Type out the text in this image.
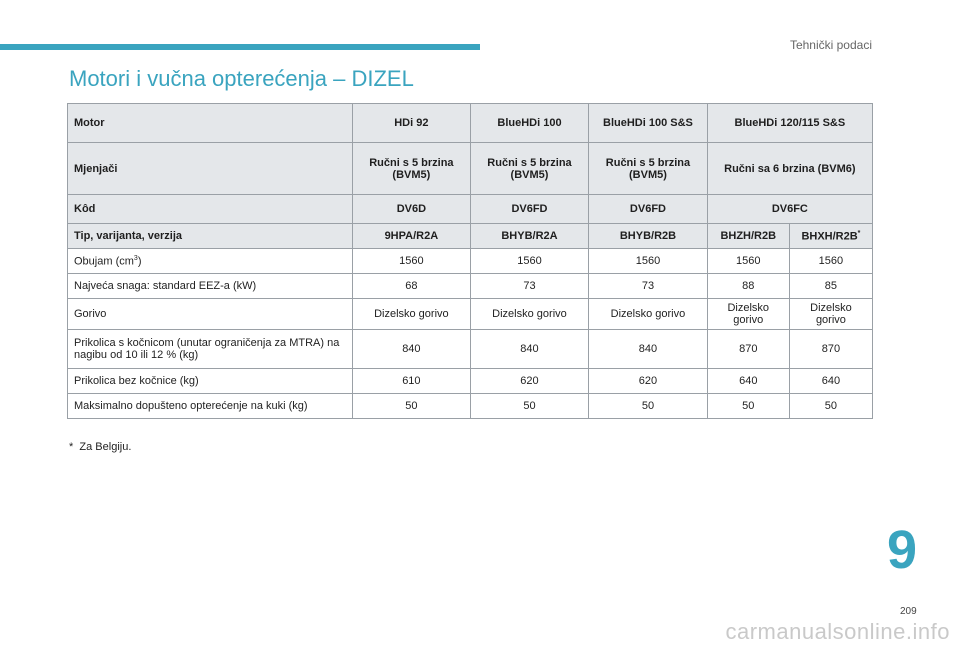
Tehnički podaci
Motori i vučna opterećenja – DIZEL
Motor	HDi 92	BlueHDi 100	BlueHDi 100 S&S	BlueHDi 120/115 S&S	
Mjenjači	Ručni s 5 brzina (BVM5)	Ručni s 5 brzina (BVM5)	Ručni s 5 brzina (BVM5)	Ručni sa 6 brzina (BVM6)	
Kôd	DV6D	DV6FD	DV6FD	DV6FC	
Tip, varijanta, verzija	9HPA/R2A	BHYB/R2A	BHYB/R2B	BHZH/R2B	BHXH/R2B*
Obujam $(cm^3)$	1560	1560	1560	1560	1560
Najveća snaga: standard EEZ-a (kW)	68	73	73	88	85
Gorivo	Dizelsko gorivo	Dizelsko gorivo	Dizelsko gorivo	Dizelsko gorivo	Dizelsko gorivo
Prikolica s kočnicom (unutar ograničenja za MTRA) na nagibu od 10 ili 12 % (kg)	840	840	840	870	870
Prikolica bez kočnice (kg)	610	620	620	640	640
Maksimalno dopušteno opterećenje na kuki (kg)	50	50	50	50	50
* Za Belgiju.
9
209
carmanualsonline.info
